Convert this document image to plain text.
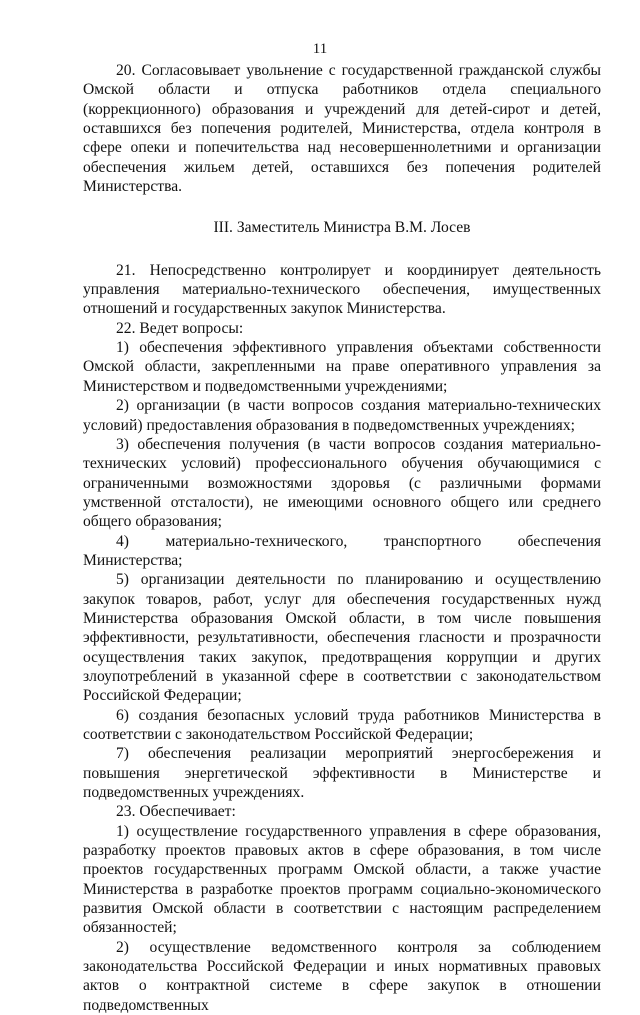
11

20. Согласовывает увольнение с государственной гражданской службы Омской области и отпуска работников отдела специального (коррекционного) образования и учреждений для детей-сирот и детей, оставшихся без попечения родителей, Министерства, отдела контроля в сфере опеки и попечительства над несовершеннолетними и организации обеспечения жильем детей, оставшихся без попечения родителей Министерства.

III. Заместитель Министра В.М. Лосев

21. Непосредственно контролирует и координирует деятельность управления материально-технического обеспечения, имущественных отношений и государственных закупок Министерства.

22. Ведет вопросы:

1) обеспечения эффективного управления объектами собственности Омской области, закрепленными на праве оперативного управления за Министерством и подведомственными учреждениями;

2) организации (в части вопросов создания материально-технических условий) предоставления образования в подведомственных учреждениях;

3) обеспечения получения (в части вопросов создания материально-технических условий) профессионального обучения обучающимися с ограниченными возможностями здоровья (с различными формами умственной отсталости), не имеющими основного общего или среднего общего образования;

4) материально-технического, транспортного обеспечения Министерства;

5) организации деятельности по планированию и осуществлению закупок товаров, работ, услуг для обеспечения государственных нужд Министерства образования Омской области, в том числе повышения эффективности, результативности, обеспечения гласности и прозрачности осуществления таких закупок, предотвращения коррупции и других злоупотреблений в указанной сфере в соответствии с законодательством Российской Федерации;

6) создания безопасных условий труда работников Министерства в соответствии с законодательством Российской Федерации;

7) обеспечения реализации мероприятий энергосбережения и повышения энергетической эффективности в Министерстве и подведомственных учреждениях.

23. Обеспечивает:

1) осуществление государственного управления в сфере образования, разработку проектов правовых актов в сфере образования, в том числе проектов государственных программ Омской области, а также участие Министерства в разработке проектов программ социально-экономического развития Омской области в соответствии с настоящим распределением обязанностей;

2) осуществление ведомственного контроля за соблюдением законодательства Российской Федерации и иных нормативных правовых актов о контрактной системе в сфере закупок в отношении подведомственных
